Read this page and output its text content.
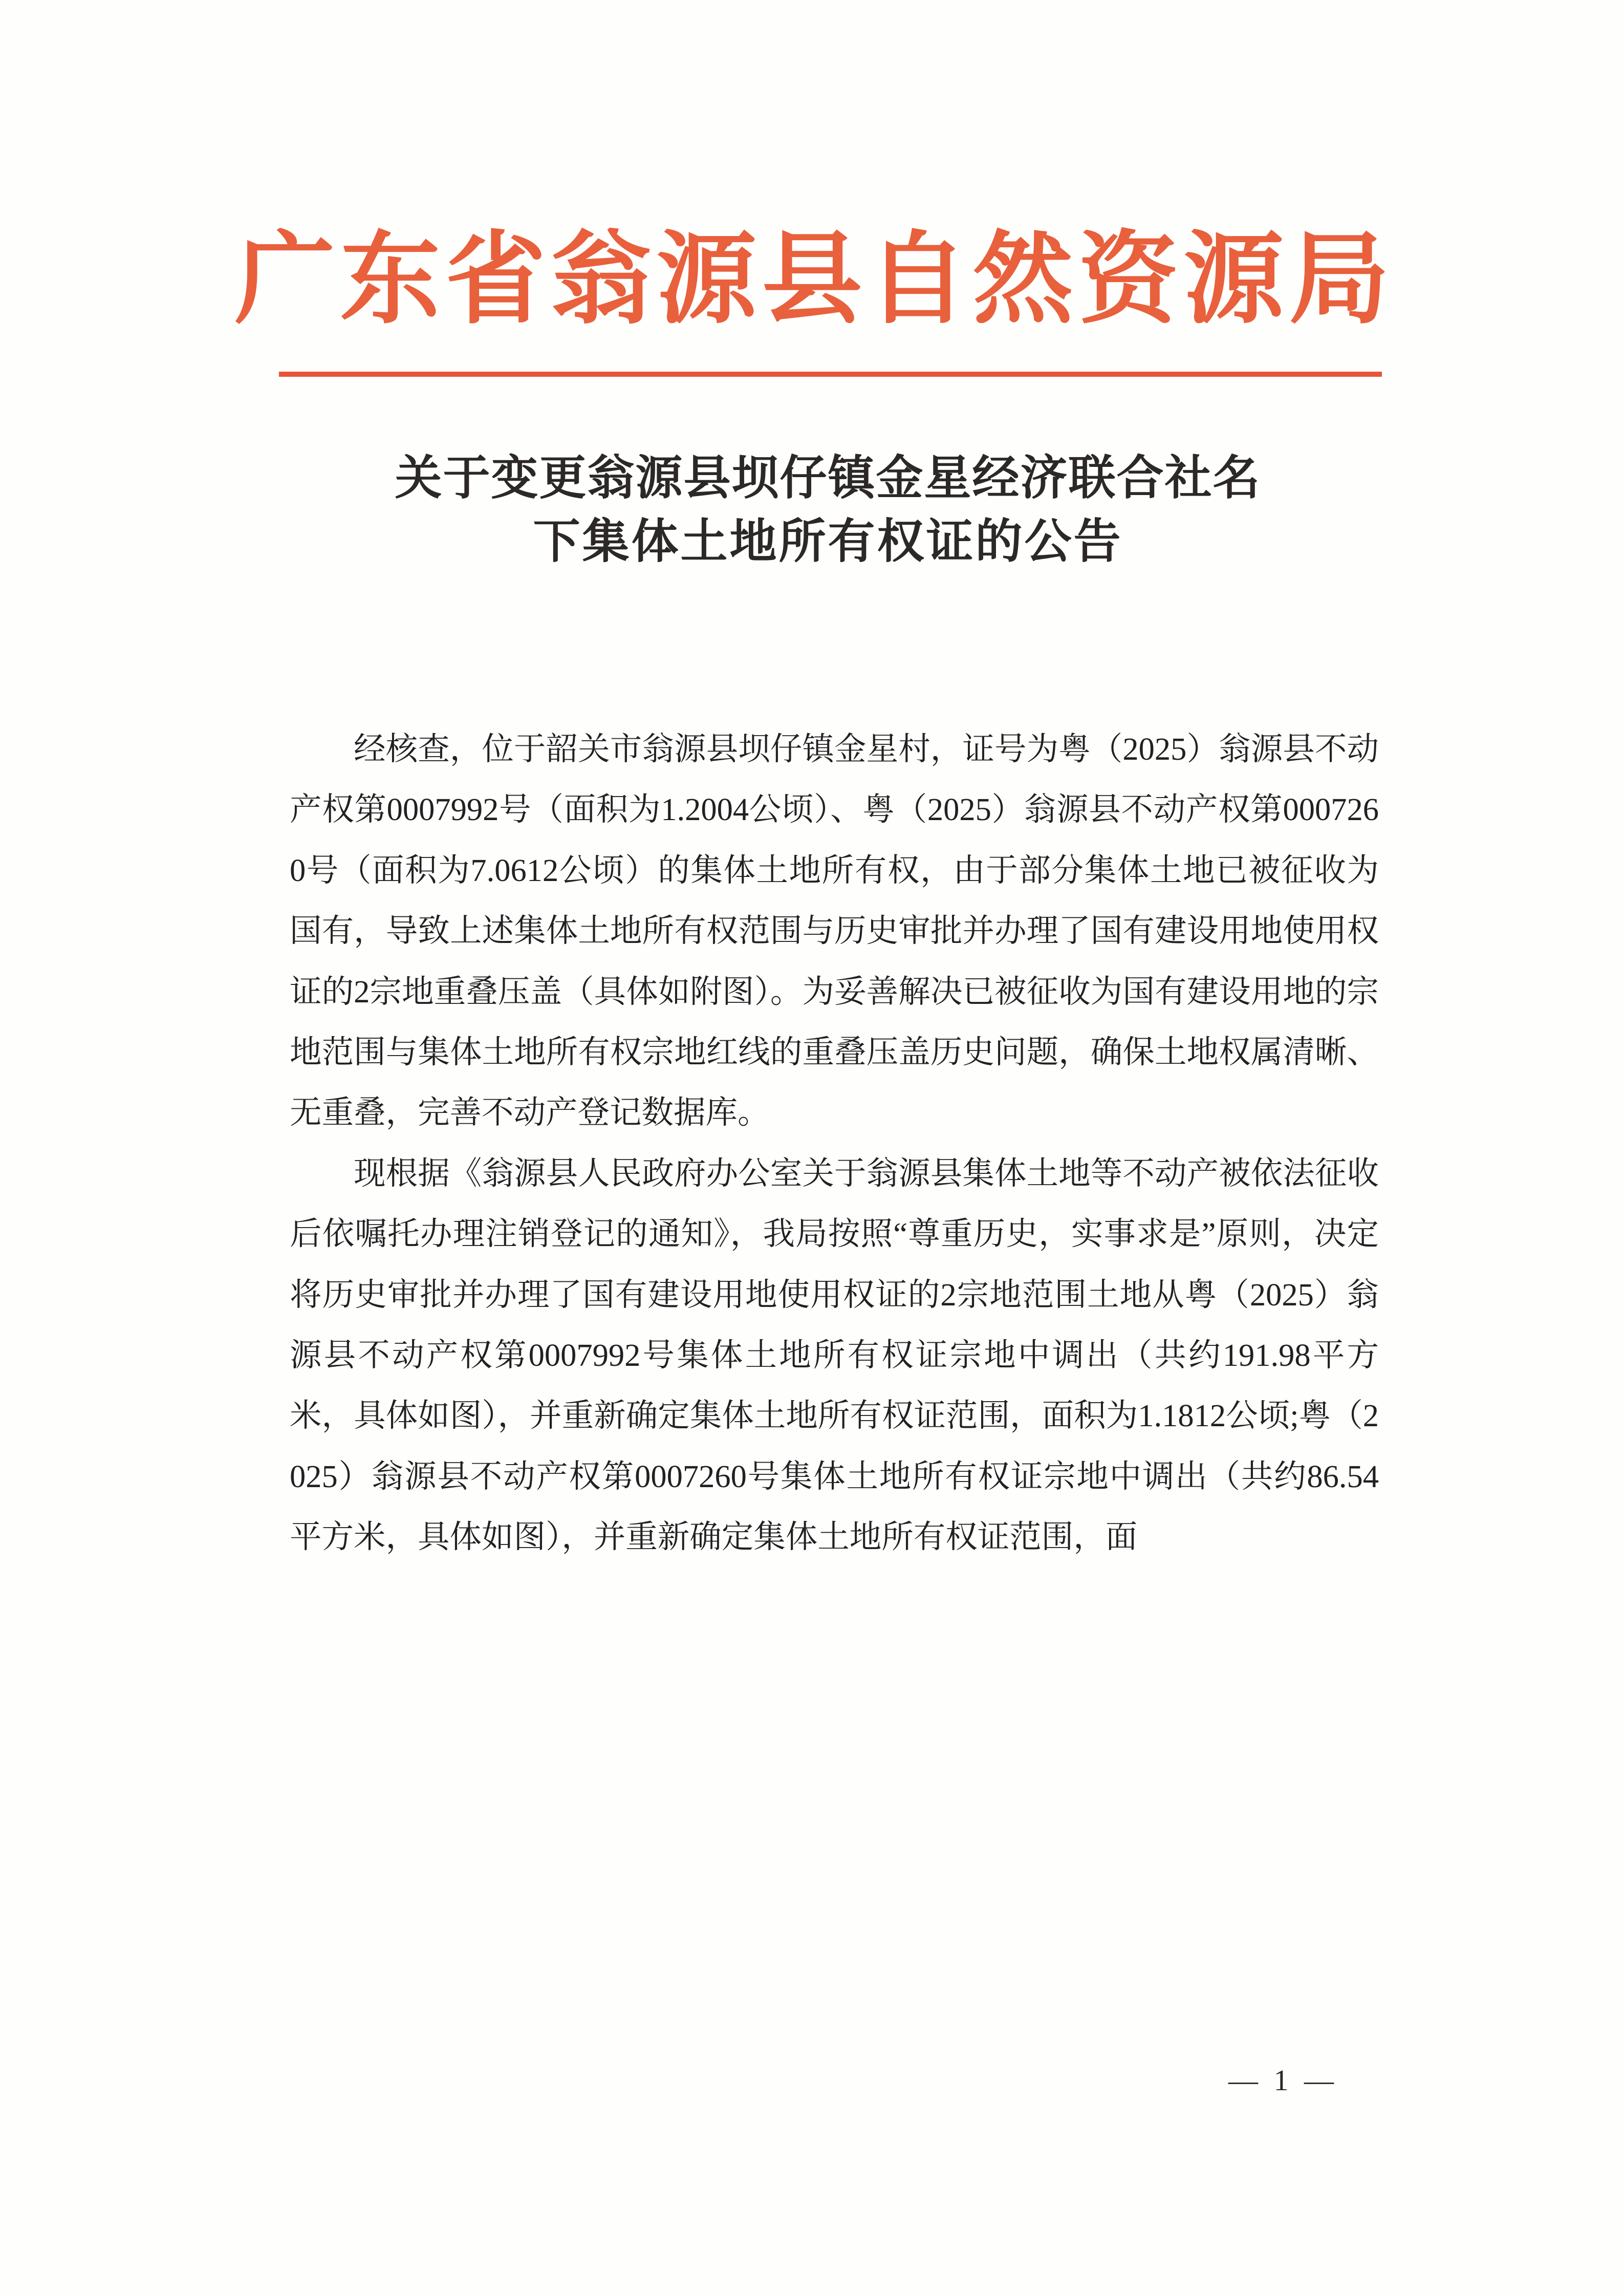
广东省翁源县自然资源局
关于变更翁源县坝仔镇金星经济联合社名
下集体土地所有权证的公告

经核查，位于韶关市翁源县坝仔镇金星村，证号为粤（2025）翁源县不动产权第0007992号（面积为1.2004公顷）、粤（2025）翁源县不动产权第0007260号（面积为7.0612公顷）的集体土地所有权，由于部分集体土地已被征收为国有，导致上述集体土地所有权范围与历史审批并办理了国有建设用地使用权证的2宗地重叠压盖（具体如附图）。为妥善解决已被征收为国有建设用地的宗地范围与集体土地所有权宗地红线的重叠压盖历史问题，确保土地权属清晰、无重叠，完善不动产登记数据库。

现根据《翁源县人民政府办公室关于翁源县集体土地等不动产被依法征收后依嘱托办理注销登记的通知》，我局按照“尊重历史，实事求是”原则，决定将历史审批并办理了国有建设用地使用权证的2宗地范围土地从粤（2025）翁源县不动产权第0007992号集体土地所有权证宗地中调出（共约191.98平方米，具体如图），并重新确定集体土地所有权证范围，面积为1.1812公顷;粤（2025）翁源县不动产权第0007260号集体土地所有权证宗地中调出（共约86.54平方米，具体如图），并重新确定集体土地所有权证范围，面

— 1 —
